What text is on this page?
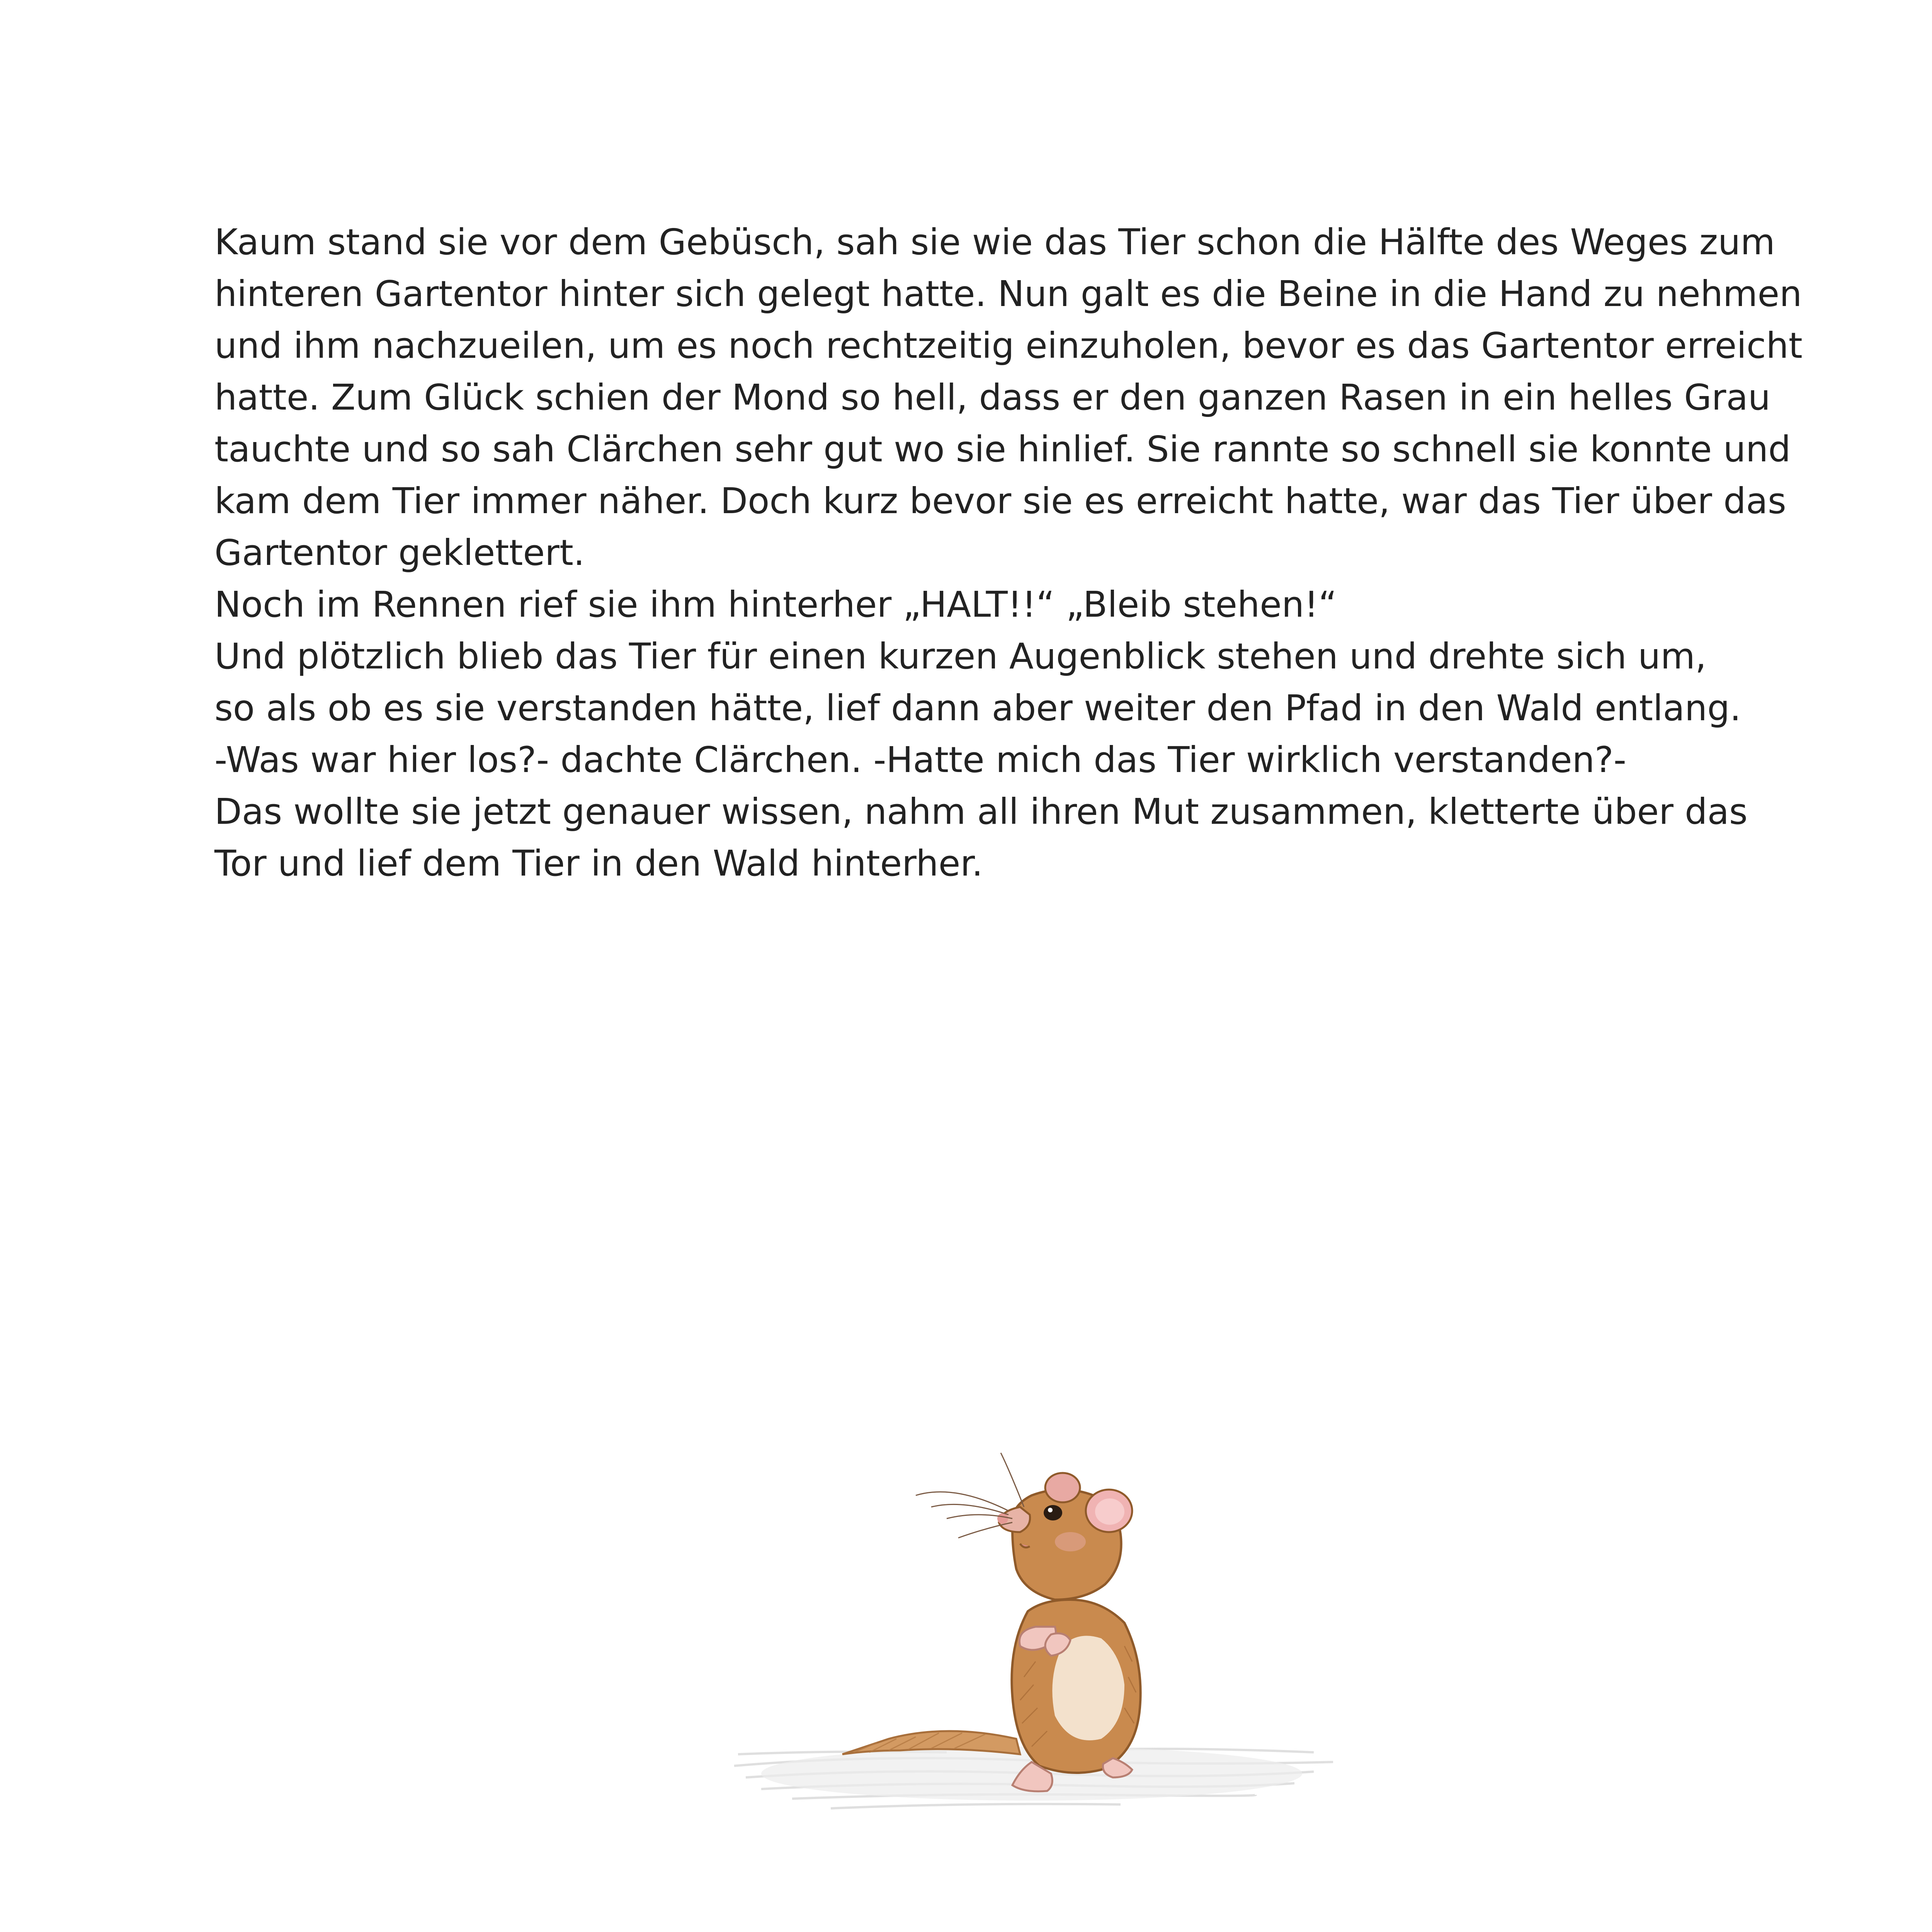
Kaum stand sie vor dem Gebüsch, sah sie wie das Tier schon die Hälfte des Weges zum
hinteren Gartentor hinter sich gelegt hatte. Nun galt es die Beine in die Hand zu nehmen
und ihm nachzueilen, um es noch rechtzeitig einzuholen, bevor es das Gartentor erreicht
hatte. Zum Glück schien der Mond so hell, dass er den ganzen Rasen in ein helles Grau
tauchte und so sah Clärchen sehr gut wo sie hinlief. Sie rannte so schnell sie konnte und
kam dem Tier immer näher. Doch kurz bevor sie es erreicht hatte, war das Tier über das
Gartentor geklettert.
Noch im Rennen rief sie ihm hinterher „HALT!!“ „Bleib stehen!“
Und plötzlich blieb das Tier für einen kurzen Augenblick stehen und drehte sich um,
so als ob es sie verstanden hätte, lief dann aber weiter den Pfad in den Wald entlang.
-Was war hier los?- dachte Clärchen. -Hatte mich das Tier wirklich verstanden?-
Das wollte sie jetzt genauer wissen, nahm all ihren Mut zusammen, kletterte über das
Tor und lief dem Tier in den Wald hinterher.
